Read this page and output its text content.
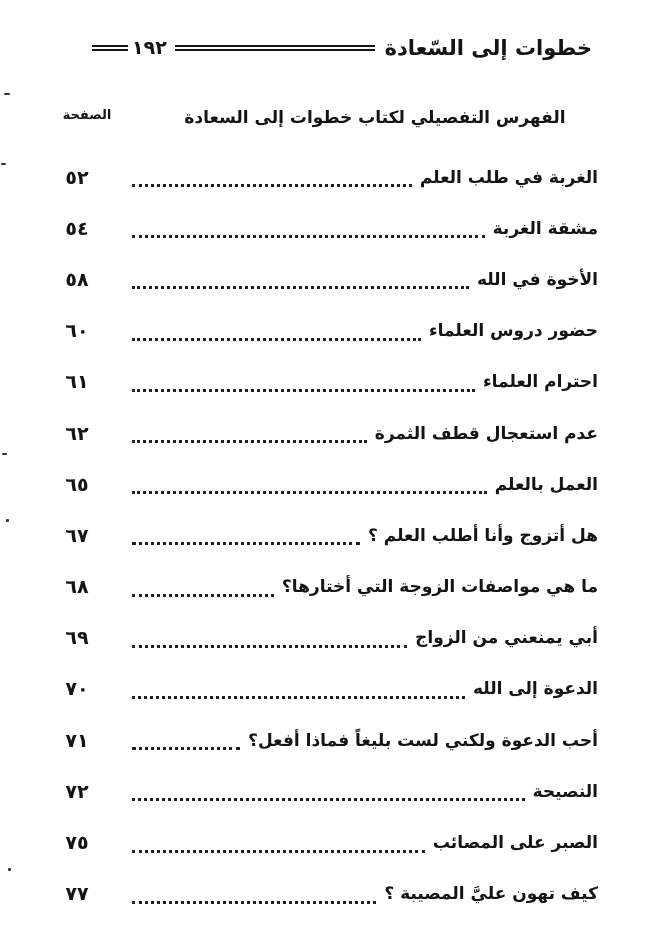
خطوات إلى السّعادة
١٩٢
الفهرس التفصيلي لكتاب خطوات إلى السعادة
الصفحة
الغربة في طلب العلم
٥٢
مشقة الغربة
٥٤
الأخوة في الله
٥٨
حضور دروس العلماء
٦٠
احترام العلماء
٦١
عدم استعجال قطف الثمرة
٦٢
العمل بالعلم
٦٥
هل أتزوج وأنا أطلب العلم ؟
٦٧
ما هي مواصفات الزوجة التي أختارها؟
٦٨
أبي يمنعني من الزواج
٦٩
الدعوة إلى الله
٧٠
أحب الدعوة ولكني لست بليغاً فماذا أفعل؟
٧١
النصيحة
٧٢
الصبر على المصائب
٧٥
كيف تهون عليَّ المصيبة ؟
٧٧
